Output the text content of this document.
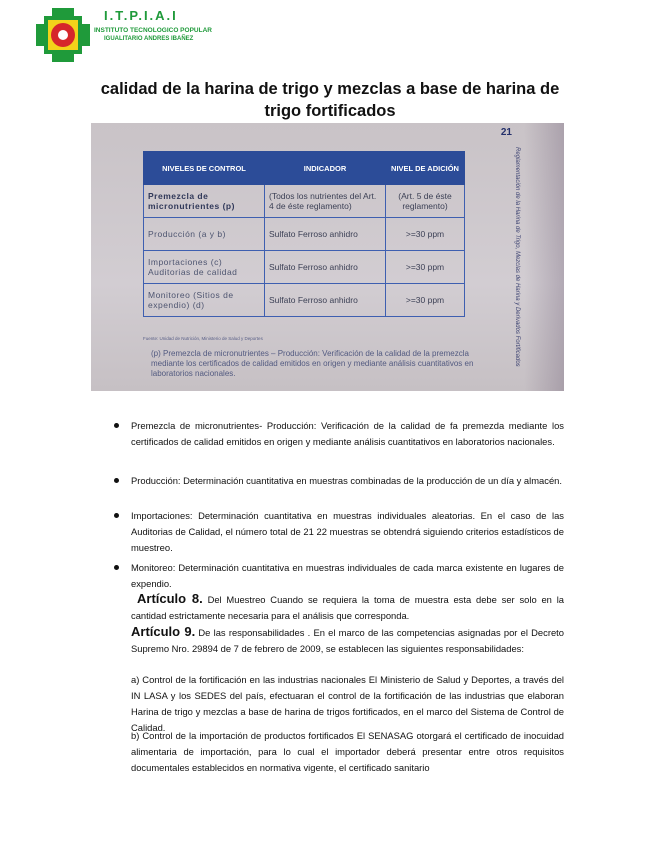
I.T.P.I.A.I
INSTITUTO TECNOLOGICO POPULAR
IGUALITARIO ANDRES IBAÑEZ
calidad de la harina de trigo y mezclas a base de harina de trigo fortificados
21
Reglamentación de la Harina de Trigo, Mezclas de Harina y Derivados Fortificados
NIVELES DE CONTROL	INDICADOR	NIVEL DE ADICIÓN
Premezcla de micronutrientes (p)	(Todos los nutrientes del Art. 4 de éste reglamento)	(Art. 5 de éste reglamento)
Producción (a y b)	Sulfato Ferroso anhidro	>=30 ppm
Importaciones (c) Auditorias de calidad	Sulfato Ferroso anhidro	>=30 ppm
Monitoreo (Sitios de expendio) (d)	Sulfato Ferroso anhidro	>=30 ppm
Fuente: Unidad de Nutrición, Ministerio de Salud y Deportes
(p) Premezcla de micronutrientes – Producción: Verificación de la calidad de la premezcla mediante los certificados de calidad emitidos en origen y mediante análisis cuantitativos en laboratorios nacionales.
Premezcla de micronutrientes- Producción: Verificación de la calidad de fa premezda mediante los certificados de calidad emitidos en origen y mediante análisis cuantitativos en laboratorios nacionales.
Producción: Determinación cuantitativa en muestras combinadas de la producción de un día y almacén.
Importaciones: Determinación cuantitativa en muestras individuales aleatorias. En el caso de las Auditorias de Calidad, el número total de 21 22 muestras se obtendrá siguiendo criterios estadísticos de muestreo.
Monitoreo: Determinación cuantitativa en muestras individuales de cada marca existente en lugares de expendio.
Artículo 8. Del Muestreo Cuando se requiera la toma de muestra esta debe ser solo en la cantidad estrictamente necesaria para el análisis que corresponda.
Artículo 9. De las responsabilidades . En el marco de las competencias asignadas por el Decreto Supremo Nro. 29894 de 7 de febrero de 2009, se establecen las siguientes responsabilidades:
a) Control de la fortificación en las industrias nacionales El Ministerio de Salud y Deportes, a través del IN LASA y los SEDES del país, efectuaran el control de la fortificación de las industrias que elaboran Harina de trigo y mezclas a base de harina de trigos fortificados, en el marco del Sistema de Control de Calidad.
b) Control de la importación de productos fortificados El SENASAG otorgará el certificado de inocuidad alimentaria de importación, para lo cual el importador deberá presentar entre otros requisitos documentales establecidos en normativa vigente, el certificado sanitario
